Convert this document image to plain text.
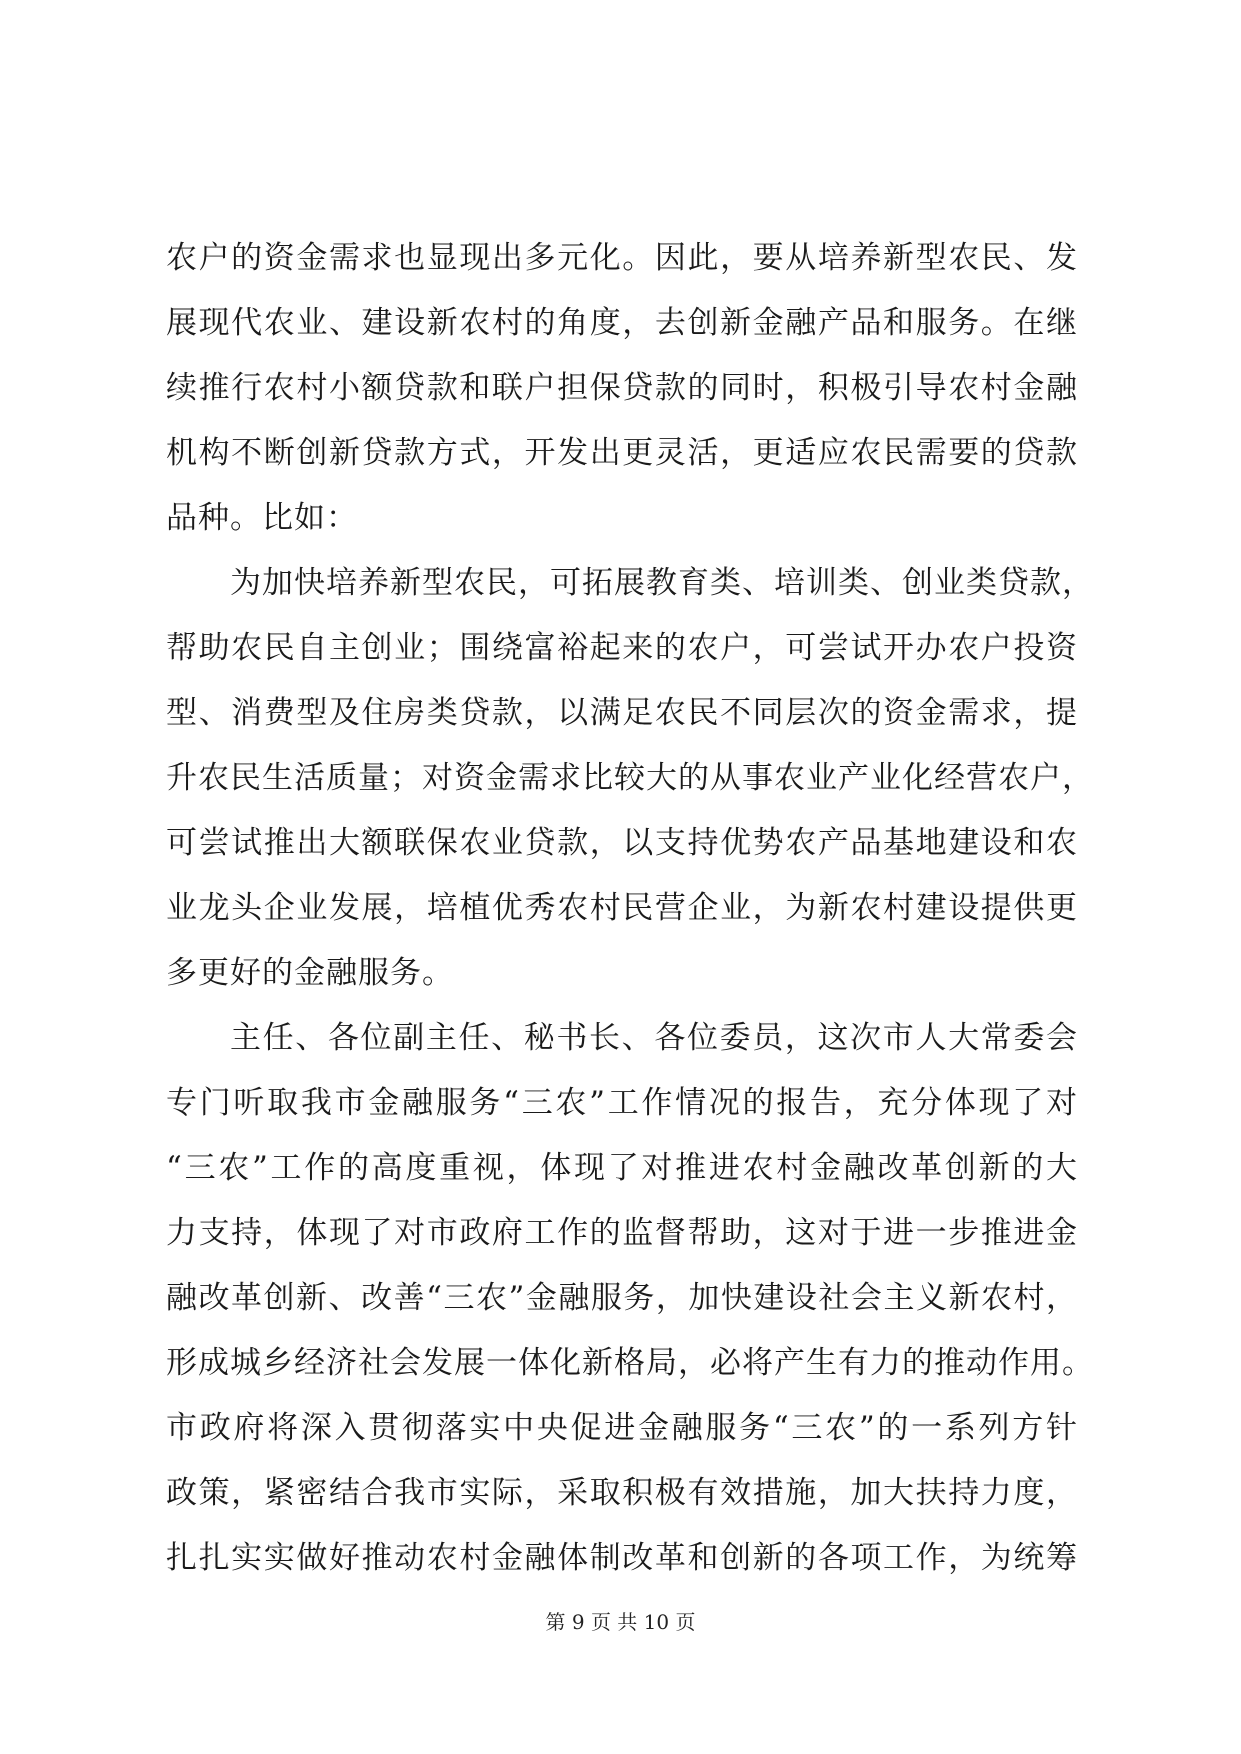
农户的资金需求也显现出多元化。因此，要从培养新型农民、发
展现代农业、建设新农村的角度，去创新金融产品和服务。在继
续推行农村小额贷款和联户担保贷款的同时，积极引导农村金融
机构不断创新贷款方式，开发出更灵活，更适应农民需要的贷款
品种。比如：
为加快培养新型农民，可拓展教育类、培训类、创业类贷款，
帮助农民自主创业；围绕富裕起来的农户，可尝试开办农户投资
型、消费型及住房类贷款，以满足农民不同层次的资金需求，提
升农民生活质量；对资金需求比较大的从事农业产业化经营农户，
可尝试推出大额联保农业贷款，以支持优势农产品基地建设和农
业龙头企业发展，培植优秀农村民营企业，为新农村建设提供更
多更好的金融服务。
主任、各位副主任、秘书长、各位委员，这次市人大常委会
专门听取我市金融服务“三农”工作情况的报告，充分体现了对
“三农”工作的高度重视，体现了对推进农村金融改革创新的大
力支持，体现了对市政府工作的监督帮助，这对于进一步推进金
融改革创新、改善“三农”金融服务，加快建设社会主义新农村，
形成城乡经济社会发展一体化新格局，必将产生有力的推动作用。
市政府将深入贯彻落实中央促进金融服务“三农”的一系列方针
政策，紧密结合我市实际，采取积极有效措施，加大扶持力度，
扎扎实实做好推动农村金融体制改革和创新的各项工作，为统筹
第 9 页 共 10 页
